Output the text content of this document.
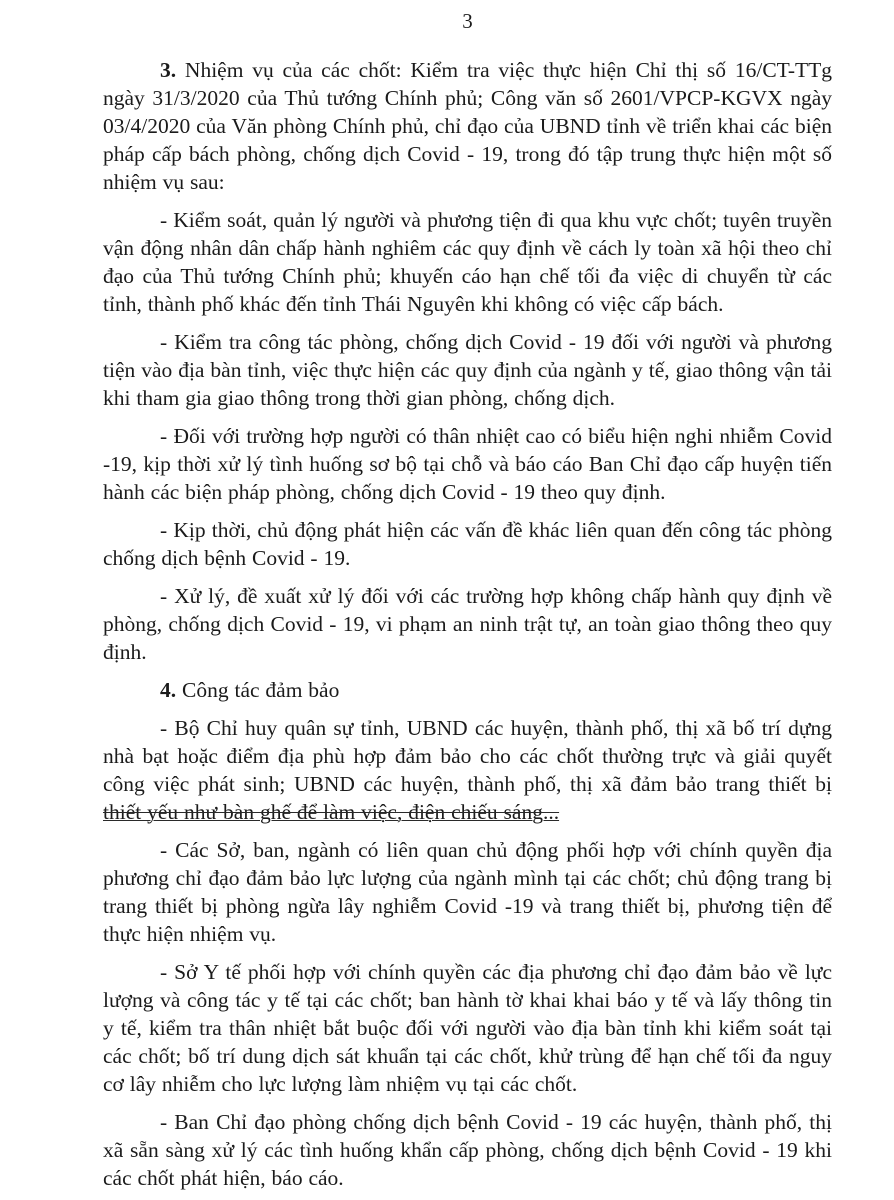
3

3. Nhiệm vụ của các chốt: Kiểm tra việc thực hiện Chỉ thị số 16/CT-TTg ngày 31/3/2020 của Thủ tướng Chính phủ; Công văn số 2601/VPCP-KGVX ngày 03/4/2020 của Văn phòng Chính phủ, chỉ đạo của UBND tỉnh về triển khai các biện pháp cấp bách phòng, chống dịch Covid - 19, trong đó tập trung thực hiện một số nhiệm vụ sau:

- Kiểm soát, quản lý người và phương tiện đi qua khu vực chốt; tuyên truyền vận động nhân dân chấp hành nghiêm các quy định về cách ly toàn xã hội theo chỉ đạo của Thủ tướng Chính phủ; khuyến cáo hạn chế tối đa việc di chuyển từ các tỉnh, thành phố khác đến tỉnh Thái Nguyên khi không có việc cấp bách.

- Kiểm tra công tác phòng, chống dịch Covid - 19 đối với người và phương tiện vào địa bàn tỉnh, việc thực hiện các quy định của ngành y tế, giao thông vận tải khi tham gia giao thông trong thời gian phòng, chống dịch.

- Đối với trường hợp người có thân nhiệt cao có biểu hiện nghi nhiễm Covid -19, kịp thời xử lý tình huống sơ bộ tại chỗ và báo cáo Ban Chỉ đạo cấp huyện tiến hành các biện pháp phòng, chống dịch Covid - 19 theo quy định.

- Kịp thời, chủ động phát hiện các vấn đề khác liên quan đến công tác phòng chống dịch bệnh Covid - 19.

- Xử lý, đề xuất xử lý đối với các trường hợp không chấp hành quy định về phòng, chống dịch Covid - 19, vi phạm an ninh trật tự, an toàn giao thông theo quy định.

4. Công tác đảm bảo

- Bộ Chỉ huy quân sự tỉnh, UBND các huyện, thành phố, thị xã bố trí dựng nhà bạt hoặc điểm địa phù hợp đảm bảo cho các chốt thường trực và giải quyết công việc phát sinh; UBND các huyện, thành phố, thị xã đảm bảo trang thiết bị thiết yếu như bàn ghế để làm việc, điện chiếu sáng...

- Các Sở, ban, ngành có liên quan chủ động phối hợp với chính quyền địa phương chỉ đạo đảm bảo lực lượng của ngành mình tại các chốt; chủ động trang bị trang thiết bị phòng ngừa lây nghiễm Covid -19 và trang thiết bị, phương tiện để thực hiện nhiệm vụ.

- Sở Y tế phối hợp với chính quyền các địa phương chỉ đạo đảm bảo về lực lượng và công tác y tế tại các chốt; ban hành tờ khai khai báo y tế và lấy thông tin y tế, kiểm tra thân nhiệt bắt buộc đối với người vào địa bàn tỉnh khi kiểm soát tại các chốt; bố trí dung dịch sát khuẩn tại các chốt, khử trùng để hạn chế tối đa nguy cơ lây nhiễm cho lực lượng làm nhiệm vụ tại các chốt.

- Ban Chỉ đạo phòng chống dịch bệnh Covid - 19 các huyện, thành phố, thị xã sẵn sàng xử lý các tình huống khẩn cấp phòng, chống dịch bệnh Covid - 19 khi các chốt phát hiện, báo cáo.
